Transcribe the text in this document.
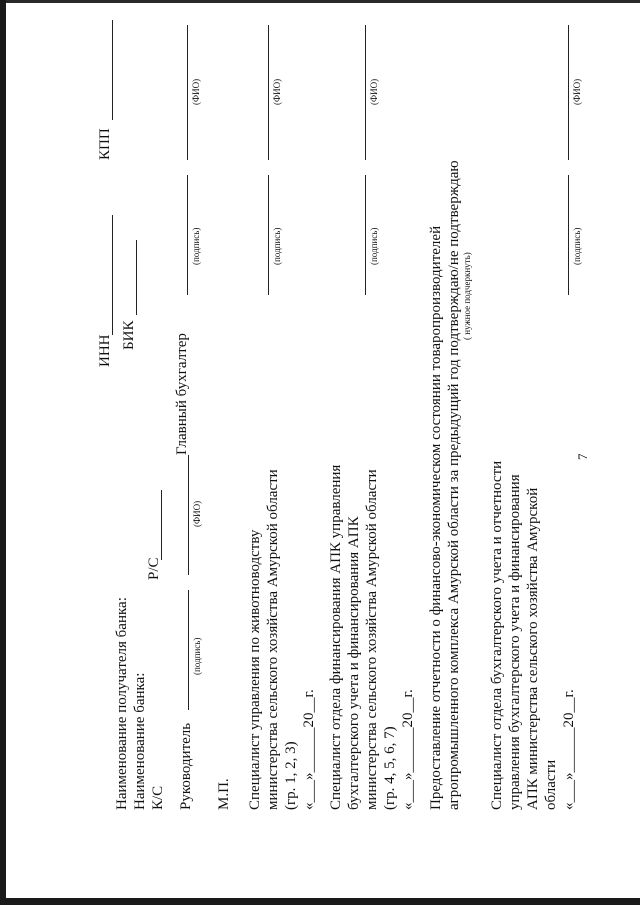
7
Наименование получателя банка: Наименование банка: К/С
Р/С
ИНН
КПП
БИК
Руководитель
(подпись)
(ФИО)
Главный бухгалтер
(подпись)
(ФИО)
М.П. Специалист управления по животноводству министерства сельского хозяйства Амурской области (гр. 1, 2, 3) «___»______20__г.
(подпись)
(ФИО)
Специалист отдела финансирования АПК управления бухгалтерского учета и финансирования АПК министерства сельского хозяйства Амурской области (гр. 4, 5, 6, 7) «___»______20__г.
(подпись)
(ФИО)
Предоставление отчетности о финансово-экономическом состоянии товаропроизводителей агропромышленного комплекса Амурской области за предыдущий год подтверждаю/не подтверждаю ( нужное подчеркнуть)
Специалист отдела бухгалтерского учета и отчетности управления бухгалтерского учета и финансирования АПК министерства сельского хозяйства Амурской области «___»______20__г.
(подпись)
(ФИО)
